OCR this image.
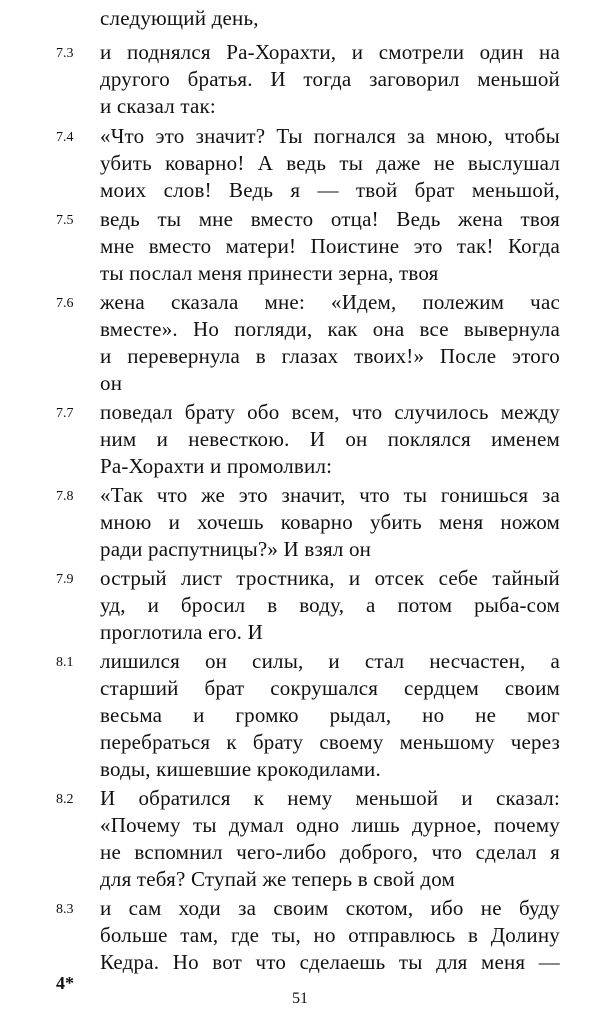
следующий день,
и поднялся Ра-Хорахти, и смотрели один на
другого братья. И тогда заговорил меньшой
и сказал так:
«Что это значит? Ты погнался за мною, чтобы
убить коварно! А ведь ты даже не выслушал
моих слов! Ведь я — твой брат меньшой,
ведь ты мне вместо отца! Ведь жена твоя
мне вместо матери! Поистине это так! Когда
ты послал меня принести зерна, твоя
жена сказала мне: «Идем, полежим час
вместе». Но погляди, как она все вывернула
и перевернула в глазах твоих!» После этого
он
поведал брату обо всем, что случилось между
ним и невесткою. И он поклялся именем
Ра-Хорахти и промолвил:
«Так что же это значит, что ты гонишься за
мною и хочешь коварно убить меня ножом
ради распутницы?» И взял он
острый лист тростника, и отсек себе тайный
уд, и бросил в воду, а потом рыба-сом
проглотила его. И
лишился он силы, и стал несчастен, а
старший брат сокрушался сердцем своим
весьма и громко рыдал, но не мог
перебраться к брату своему меньшому через
воды, кишевшие крокодилами.
И обратился к нему меньшой и сказал:
«Почему ты думал одно лишь дурное, почему
не вспомнил чего-либо доброго, что сделал я
для тебя? Ступай же теперь в свой дом
и сам ходи за своим скотом, ибо не буду
больше там, где ты, но отправлюсь в Долину
Кедра. Но вот что сделаешь ты для меня —
7.3
7.4
7.5
7.6
7.7
7.8
7.9
8.1
8.2
8.3
4*
51
